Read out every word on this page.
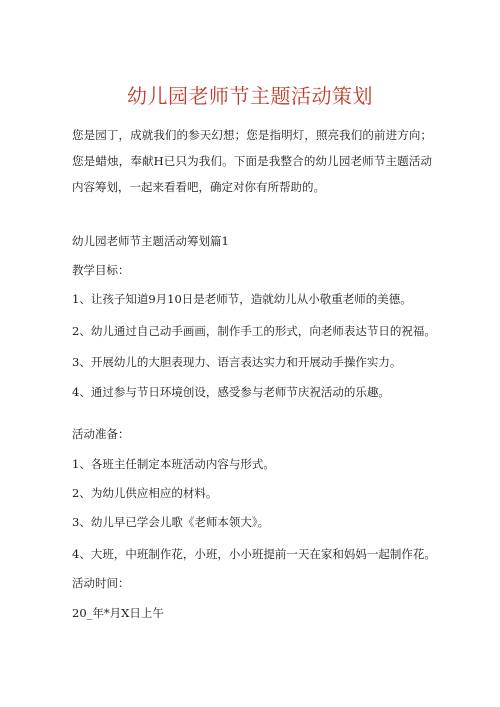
幼儿园老师节主题活动策划
您是园丁，成就我们的参天幻想；您是指明灯，照亮我们的前进方向；您是蜡烛，奉献H已只为我们。下面是我整合的幼儿园老师节主题活动内容筹划，一起来看看吧，确定对你有所帮助的。
幼儿园老师节主题活动筹划篇1
教学目标：
1、让孩子知道9月10日是老师节，造就幼儿从小敬重老师的美德。
2、幼儿通过自己动手画画，制作手工的形式，向老师表达节日的祝福。
3、开展幼儿的大胆表现力、语言表达实力和开展动手操作实力。
4、通过参与节日环境创设，感受参与老师节庆祝活动的乐趣。
活动准备：
1、各班主任制定本班活动内容与形式。
2、为幼儿供应相应的材料。
3、幼儿早已学会儿歌《老师本领大》。
4、大班，中班制作花，小班，小小班提前一天在家和妈妈一起制作花。
活动时间：
20_年*月X日上午
